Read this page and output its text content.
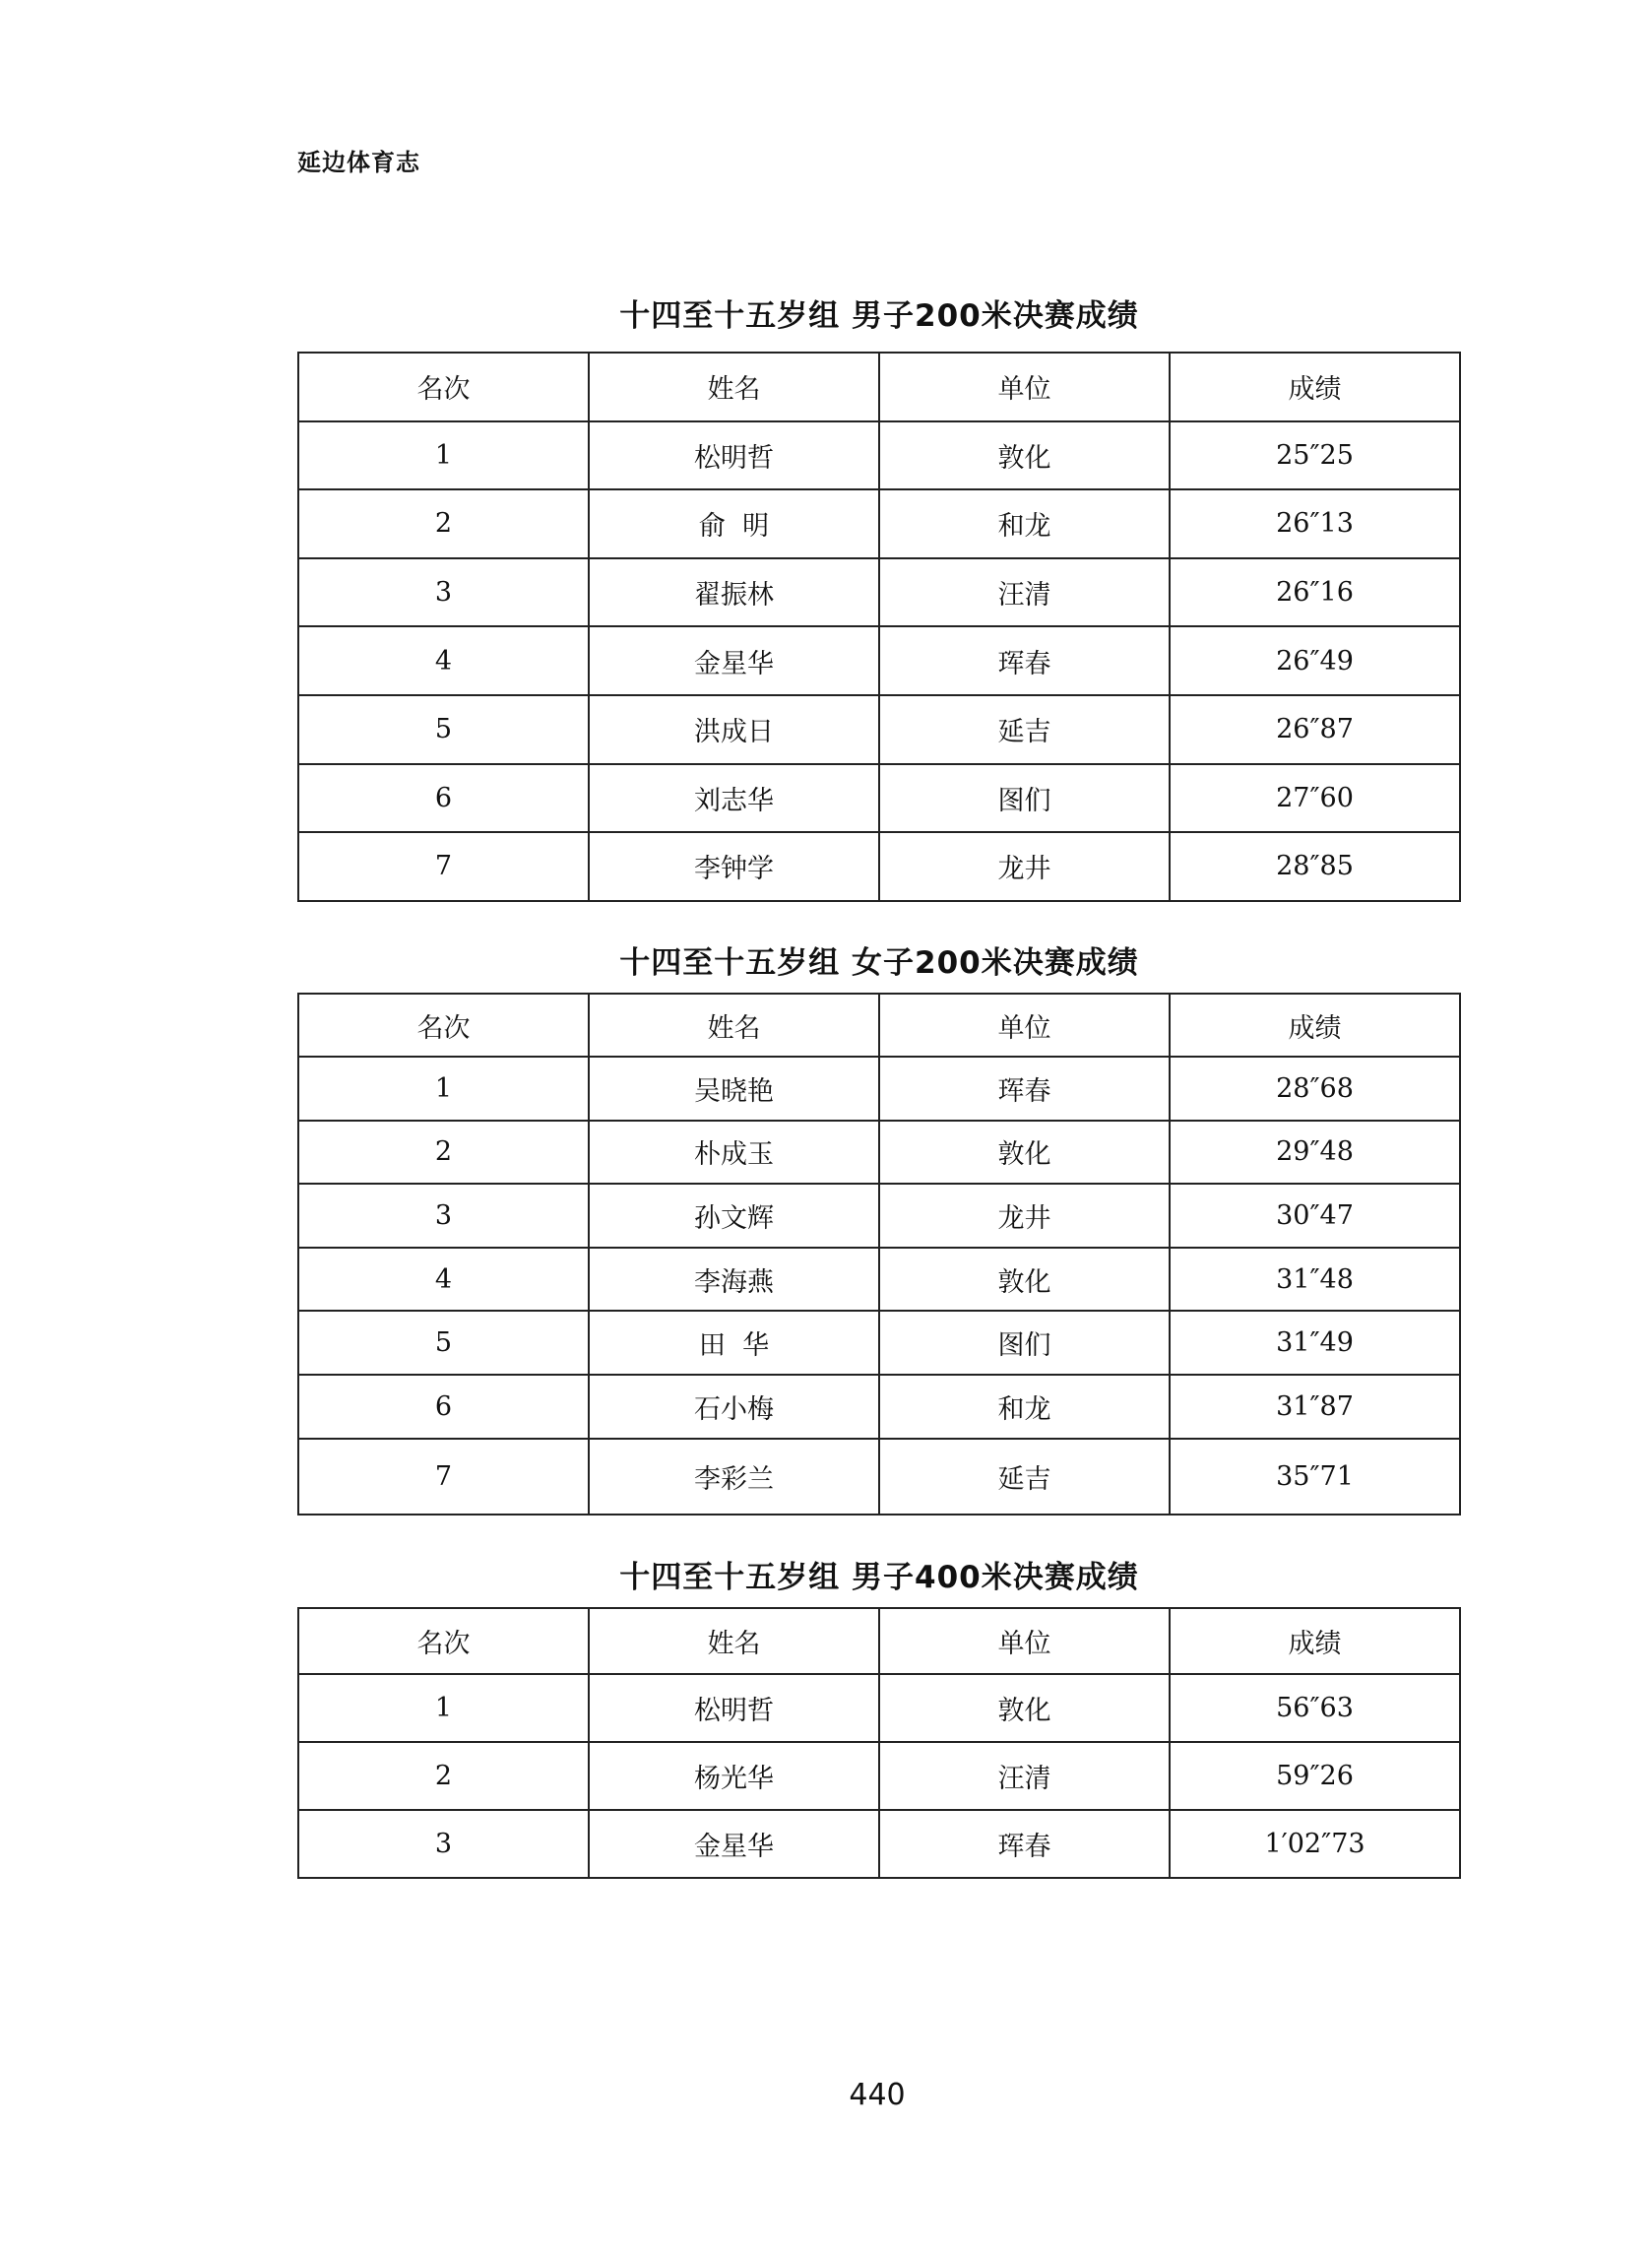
延边体育志
十四至十五岁组 男子200米决赛成绩
名次	姓名	单位	成绩
1	松明哲	敦化	25″25
2	俞  明	和龙	26″13
3	翟振林	汪清	26″16
4	金星华	珲春	26″49
5	洪成日	延吉	26″87
6	刘志华	图们	27″60
7	李钟学	龙井	28″85
十四至十五岁组 女子200米决赛成绩
名次	姓名	单位	成绩
1	吴晓艳	珲春	28″68
2	朴成玉	敦化	29″48
3	孙文辉	龙井	30″47
4	李海燕	敦化	31″48
5	田  华	图们	31″49
6	石小梅	和龙	31″87
7	李彩兰	延吉	35″71
十四至十五岁组 男子400米决赛成绩
名次	姓名	单位	成绩
1	松明哲	敦化	56″63
2	杨光华	汪清	59″26
3	金星华	珲春	1′02″73
440
